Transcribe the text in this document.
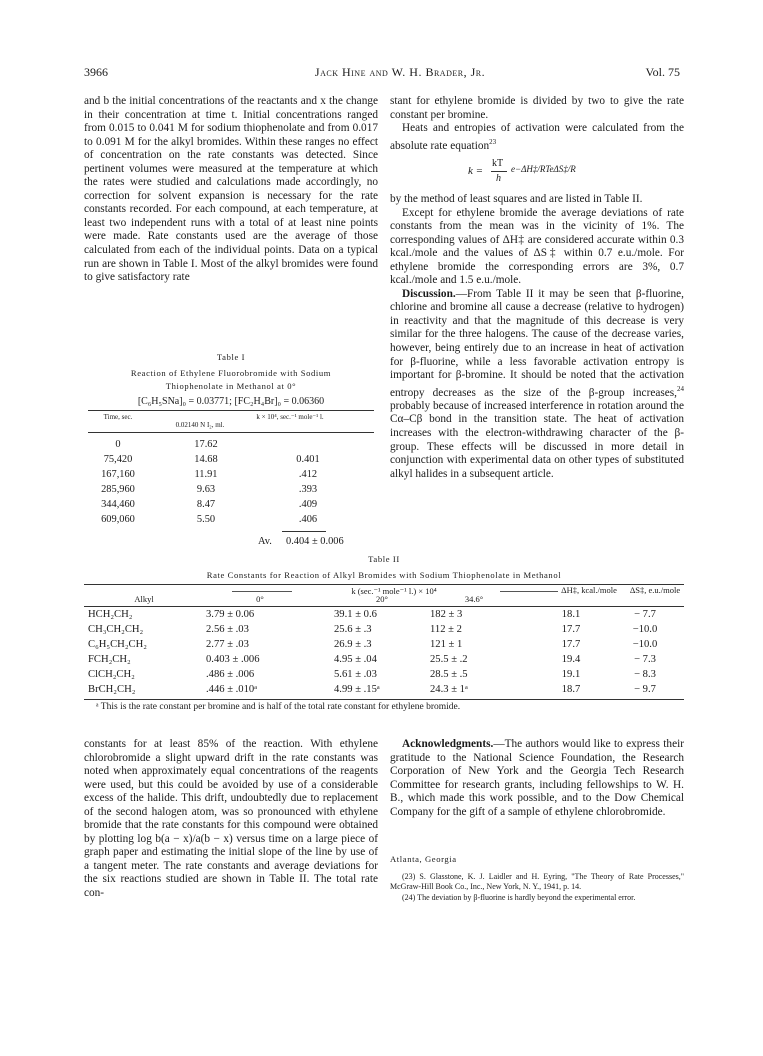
3966	Jack Hine and W. H. Brader, Jr.	Vol. 75

and b the initial concentrations of the reactants and x the change in their concentration at time t. Initial concentrations ranged from 0.015 to 0.041 M for sodium thiophenolate and from 0.017 to 0.091 M for the alkyl bromides. Within these ranges no effect of concentration on the rate constants was detected. Since pertinent volumes were measured at the temperature at which the rates were studied and calculations made accordingly, no correction for solvent expansion is necessary for the rate constants recorded. For each compound, at each temperature, at least two independent runs with a total of at least nine points were made. Rate constants used are the average of those calculated from each of the individual points. Data on a typical run are shown in Table I. Most of the alkyl bromides were found to give satisfactory rate

Table I
Reaction of Ethylene Fluorobromide with Sodium
Thiophenolate in Methanol at 0°
[C₆H₅SNa]₀ = 0.03771; [FC₂H₄Br]₀ = 0.06360
Time, sec.
0.02140 N I₂, ml.
k × 10⁴, sec.⁻¹ mole⁻¹ l.
0	17.62	
75,420	14.68	0.401
167,160	11.91	.412
285,960	9.63	.393
344,460	8.47	.409
609,060	5.50	.406
Av. 0.404 ± 0.006

stant for ethylene bromide is divided by two to give the rate constant per bromine.

Heats and entropies of activation were calculated from the absolute rate equation$^{23}$

k =
kT
h
e−ΔH‡/RTeΔS‡/R

by the method of least squares and are listed in Table II.

Except for ethylene bromide the average deviations of rate constants from the mean was in the vicinity of 1%. The corresponding values of ΔH‡ are considered accurate within 0.3 kcal./mole and the values of ΔS‡ within 0.7 e.u./mole. For ethylene bromide the corresponding errors are 3%, 0.7 kcal./mole and 1.5 e.u./mole.

Discussion.—From Table II it may be seen that β-fluorine, chlorine and bromine all cause a decrease (relative to hydrogen) in reactivity and that the magnitude of this decrease is very similar for the three halogens. The cause of the decrease varies, however, being entirely due to an increase in heat of activation for β-fluorine, while a less favorable activation entropy is important for β-bromine. It should be noted that the activation entropy decreases as the size of the β-group increases,$^{24}$ probably because of increased interference in rotation around the Cα–Cβ bond in the transition state. The heat of activation increases with the electron-withdrawing character of the β-group. These effects will be discussed in more detail in conjunction with experimental data on other types of substituted alkyl halides in a subsequent article.

Table II
Rate Constants for Reaction of Alkyl Bromides with Sodium Thiophenolate in Methanol
k (sec.⁻¹ mole⁻¹ l.) × 10⁴
Alkyl	0°	20°	34.6°
ΔH‡, kcal./mole	ΔS‡, e.u./mole
HCH₂CH₂	3.79 ± 0.06	39.1 ± 0.6	182 ± 3	18.1	− 7.7
CH₃CH₂CH₂	2.56 ± .03	25.6 ± .3	112 ± 2	17.7	−10.0
C₆H₅CH₂CH₂	2.77 ± .03	26.9 ± .3	121 ± 1	17.7	−10.0
FCH₂CH₂	0.403 ± .006	4.95 ± .04	25.5 ± .2	19.4	− 7.3
ClCH₂CH₂	.486 ± .006	5.61 ± .03	28.5 ± .5	19.1	− 8.3
BrCH₂CH₂	.446 ± .010ᵃ	4.99 ± .15ᵃ	24.3 ± 1ᵃ	18.7	− 9.7
ᵃ This is the rate constant per bromine and is half of the total rate constant for ethylene bromide.

constants for at least 85% of the reaction. With ethylene chlorobromide a slight upward drift in the rate constants was noted when approximately equal concentrations of the reagents were used, but this could be avoided by use of a considerable excess of the halide. This drift, undoubtedly due to replacement of the second halogen atom, was so pronounced with ethylene bromide that the rate constants for this compound were obtained by plotting log b(a − x)/a(b − x) versus time on a large piece of graph paper and estimating the initial slope of the line by use of a tangent meter. The rate constants and average deviations for the six reactions studied are shown in Table II. The total rate con-

Acknowledgments.—The authors would like to express their gratitude to the National Science Foundation, the Research Corporation of New York and the Georgia Tech Research Committee for research grants, including fellowships to W. H. B., which made this work possible, and to the Dow Chemical Company for the gift of a sample of ethylene chlorobromide.

Atlanta, Georgia

(23) S. Glasstone, K. J. Laidler and H. Eyring, "The Theory of Rate Processes," McGraw-Hill Book Co., Inc., New York, N. Y., 1941, p. 14.

(24) The deviation by β-fluorine is hardly beyond the experimental error.
